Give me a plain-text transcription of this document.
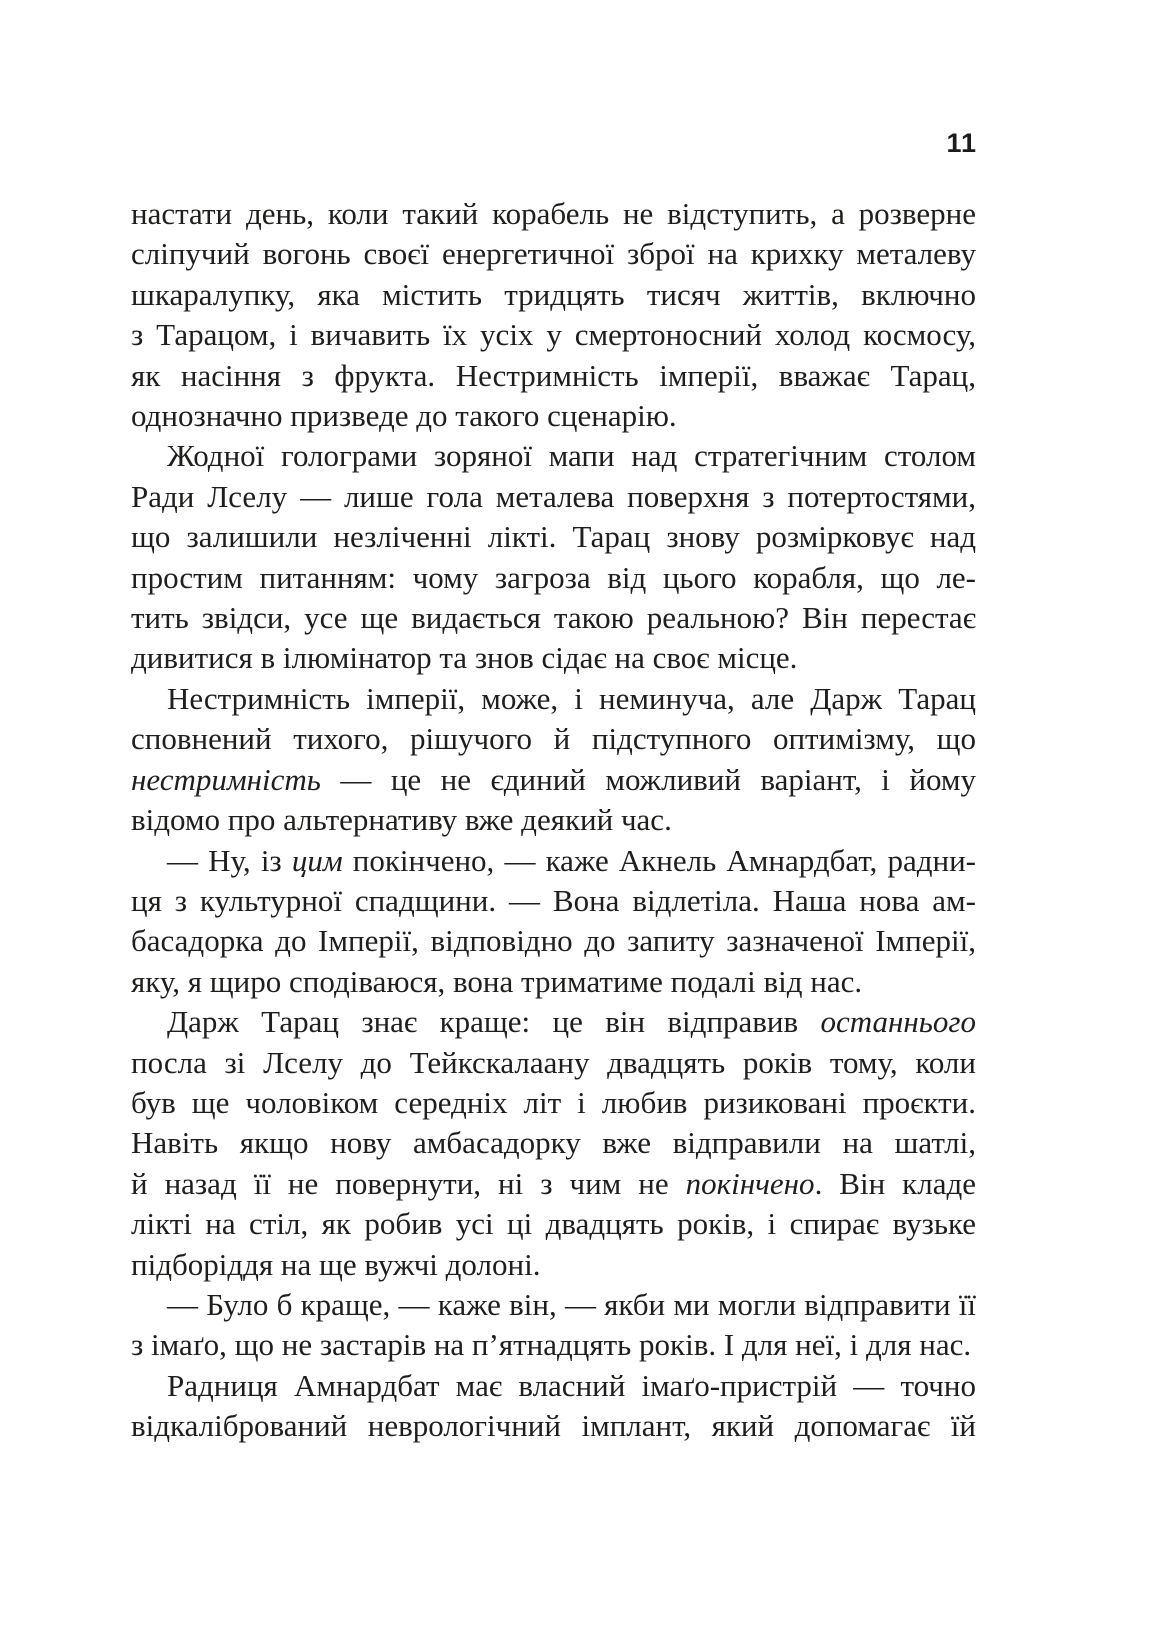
11
настати день, коли такий корабель не відступить, а розверне
сліпучий вогонь своєї енергетичної зброї на крихку металеву
шкаралупку, яка містить тридцять тисяч життів, включно
з Тарацом, і вичавить їх усіх у смертоносний холод космосу,
як насіння з фрукта. Нестримність імперії, вважає Тарац,
однозначно призведе до такого сценарію.
Жодної голограми зоряної мапи над стратегічним столом
Ради Лселу — лише гола металева поверхня з потертостями,
що залишили незліченні лікті. Тарац знову розмірковує над
простим питанням: чому загроза від цього корабля, що ле-
тить звідси, усе ще видається такою реальною? Він перестає
дивитися в ілюмінатор та знов сідає на своє місце.
Нестримність імперії, може, і неминуча, але Дарж Тарац
сповнений тихого, рішучого й підступного оптимізму, що
нестримність — це не єдиний можливий варіант, і йому
відомо про альтернативу вже деякий час.
— Ну, із цим покінчено, — каже Акнель Амнардбат, радни-
ця з культурної спадщини. — Вона відлетіла. Наша нова ам-
басадорка до Імперії, відповідно до запиту зазначеної Імперії,
яку, я щиро сподіваюся, вона триматиме подалі від нас.
Дарж Тарац знає краще: це він відправив останнього
посла зі Лселу до Тейкскалаану двадцять років тому, коли
був ще чоловіком середніх літ і любив ризиковані проєкти.
Навіть якщо нову амбасадорку вже відправили на шатлі,
й назад її не повернути, ні з чим не покінчено. Він кладе
лікті на стіл, як робив усі ці двадцять років, і спирає вузьке
підборіддя на ще вужчі долоні.
— Було б краще, — каже він, — якби ми могли відправити її
з імаґо, що не застарів на п’ятнадцять років. І для неї, і для нас.
Радниця Амнардбат має власний імаґо-пристрій — точно
відкалібрований неврологічний імплант, який допомагає їй
